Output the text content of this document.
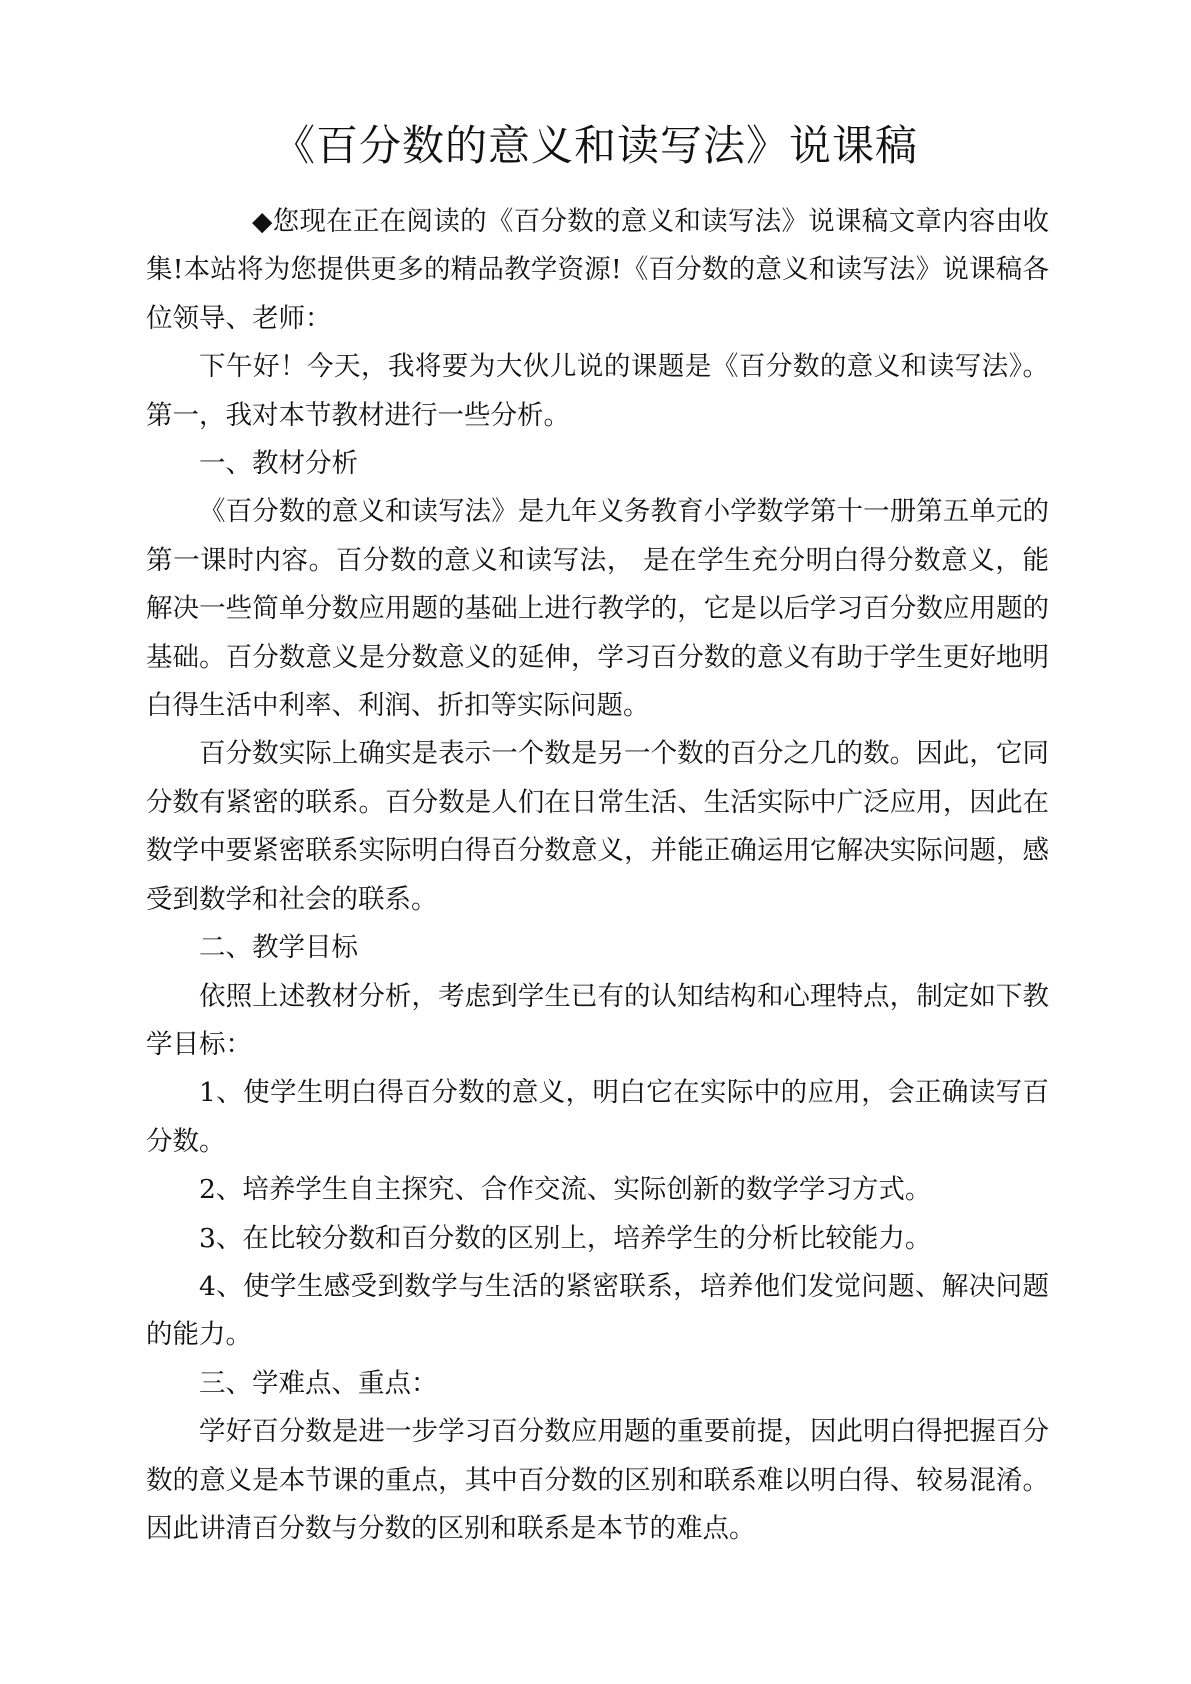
《百分数的意义和读写法》说课稿

◆您现在正在阅读的《百分数的意义和读写法》说课稿文章内容由收集!本站将为您提供更多的精品教学资源!《百分数的意义和读写法》说课稿各位领导、老师：

下午好！今天，我将要为大伙儿说的课题是《百分数的意义和读写法》。第一，我对本节教材进行一些分析。

一、教材分析

《百分数的意义和读写法》是九年义务教育小学数学第十一册第五单元的第一课时内容。百分数的意义和读写法， 是在学生充分明白得分数意义，能解决一些简单分数应用题的基础上进行教学的，它是以后学习百分数应用题的基础。百分数意义是分数意义的延伸，学习百分数的意义有助于学生更好地明白得生活中利率、利润、折扣等实际问题。

百分数实际上确实是表示一个数是另一个数的百分之几的数。因此，它同分数有紧密的联系。百分数是人们在日常生活、生活实际中广泛应用，因此在数学中要紧密联系实际明白得百分数意义，并能正确运用它解决实际问题，感受到数学和社会的联系。

二、教学目标

依照上述教材分析，考虑到学生已有的认知结构和心理特点，制定如下教学目标：

1、使学生明白得百分数的意义，明白它在实际中的应用，会正确读写百分数。

2、培养学生自主探究、合作交流、实际创新的数学学习方式。

3、在比较分数和百分数的区别上，培养学生的分析比较能力。

4、使学生感受到数学与生活的紧密联系，培养他们发觉问题、解决问题的能力。

三、学难点、重点：

学好百分数是进一步学习百分数应用题的重要前提，因此明白得把握百分数的意义是本节课的重点，其中百分数的区别和联系难以明白得、较易混淆。因此讲清百分数与分数的区别和联系是本节的难点。
